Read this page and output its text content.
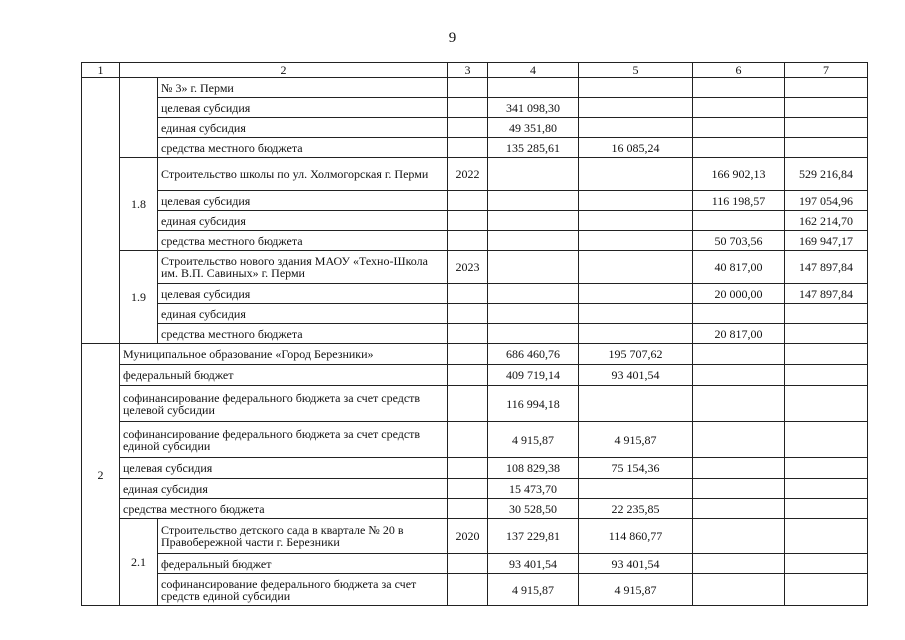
9
1	2		3	4	5	6	7
		№ 3» г. Перми					
		целевая субсидия		341 098,30			
		единая субсидия		49 351,80			
		средства местного бюджета		135 285,61	16 085,24		
	1.8	Строительство школы по ул. Холмогорская г. Перми	2022			166 902,13	529 216,84
		целевая субсидия				116 198,57	197 054,96
		единая субсидия					162 214,70
		средства местного бюджета				50 703,56	169 947,17
	1.9	Строительство нового здания МАОУ «Техно-Школа им. В.П. Савиных» г. Перми	2023			40 817,00	147 897,84
		целевая субсидия				20 000,00	147 897,84
		единая субсидия					
		средства местного бюджета				20 817,00	
2	Муниципальное образование «Город Березники»			686 460,76	195 707,62		
	федеральный бюджет			409 719,14	93 401,54		
	софинансирование федерального бюджета за счет средств целевой субсидии			116 994,18			
	софинансирование федерального бюджета за счет средств единой субсидии			4 915,87	4 915,87		
	целевая субсидия			108 829,38	75 154,36		
	единая субсидия			15 473,70			
	средства местного бюджета			30 528,50	22 235,85		
	2.1	Строительство детского сада в квартале № 20 в Правобережной части г. Березники	2020	137 229,81	114 860,77		
		федеральный бюджет		93 401,54	93 401,54		
		софинансирование федерального бюджета за счет средств единой субсидии		4 915,87	4 915,87		
